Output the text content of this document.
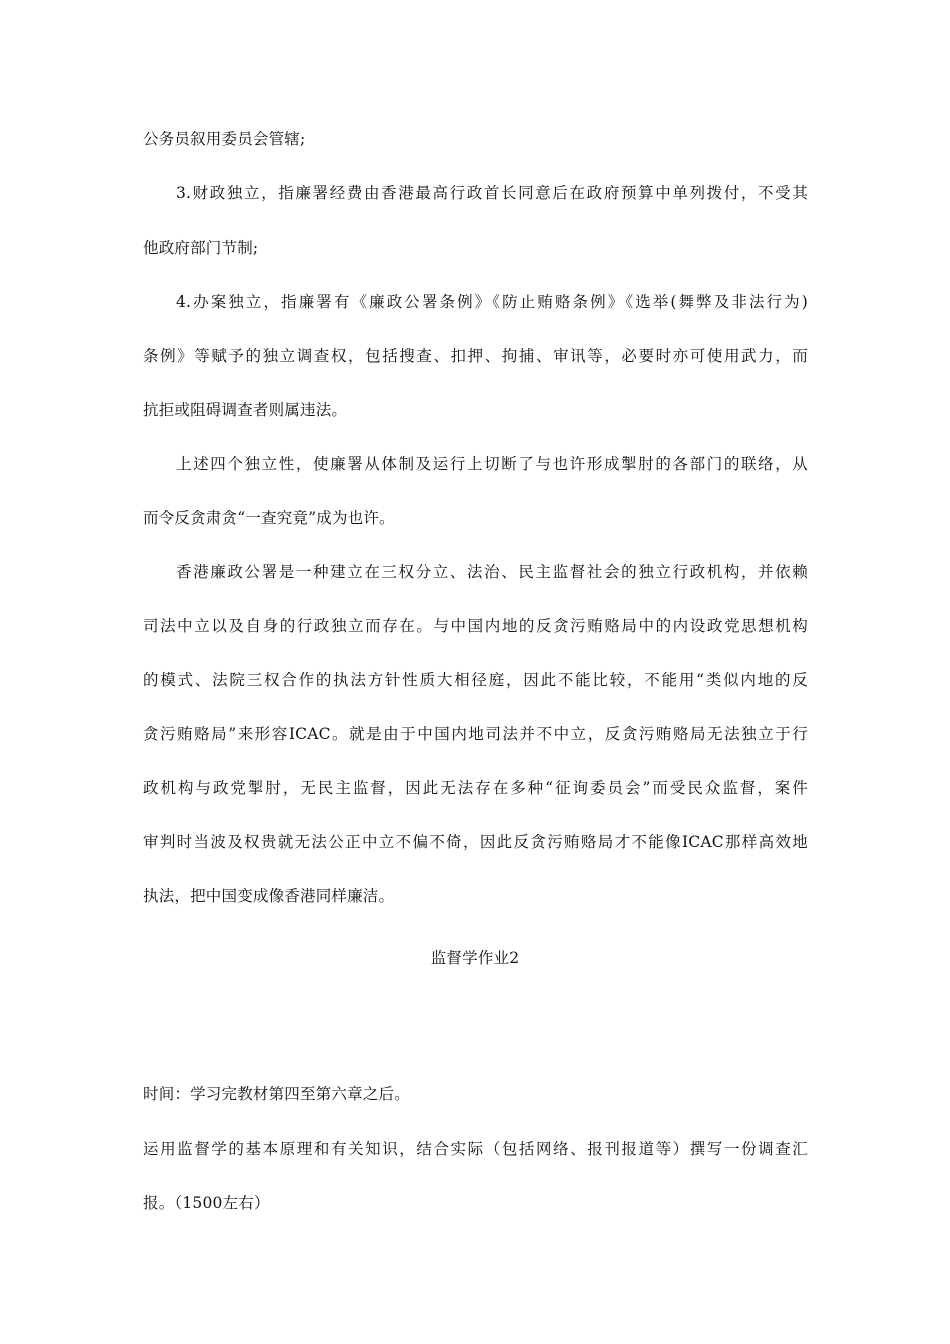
公务员叙用委员会管辖;
3.财政独立，指廉署经费由香港最高行政首长同意后在政府预算中单列拨付，不受其
他政府部门节制;
4.办案独立，指廉署有《廉政公署条例》《防止贿赂条例》《选举(舞弊及非法行为)
条例》等赋予的独立调查权，包括搜查、扣押、拘捕、审讯等，必要时亦可使用武力，而
抗拒或阻碍调查者则属违法。
上述四个独立性，使廉署从体制及运行上切断了与也许形成掣肘的各部门的联络，从
而令反贪肃贪“一查究竟”成为也许。
香港廉政公署是一种建立在三权分立、法治、民主监督社会的独立行政机构，并依赖
司法中立以及自身的行政独立而存在。与中国内地的反贪污贿赂局中的内设政党思想机构
的模式、法院三权合作的执法方针性质大相径庭，因此不能比较，不能用“类似内地的反
贪污贿赂局”来形容ICAC。就是由于中国内地司法并不中立，反贪污贿赂局无法独立于行
政机构与政党掣肘，无民主监督，因此无法存在多种“征询委员会”而受民众监督，案件
审判时当波及权贵就无法公正中立不偏不倚，因此反贪污贿赂局才不能像ICAC那样高效地
执法，把中国变成像香港同样廉洁。
监督学作业2
时间：学习完教材第四至第六章之后。
运用监督学的基本原理和有关知识，结合实际（包括网络、报刊报道等）撰写一份调查汇
报。（1500左右）
